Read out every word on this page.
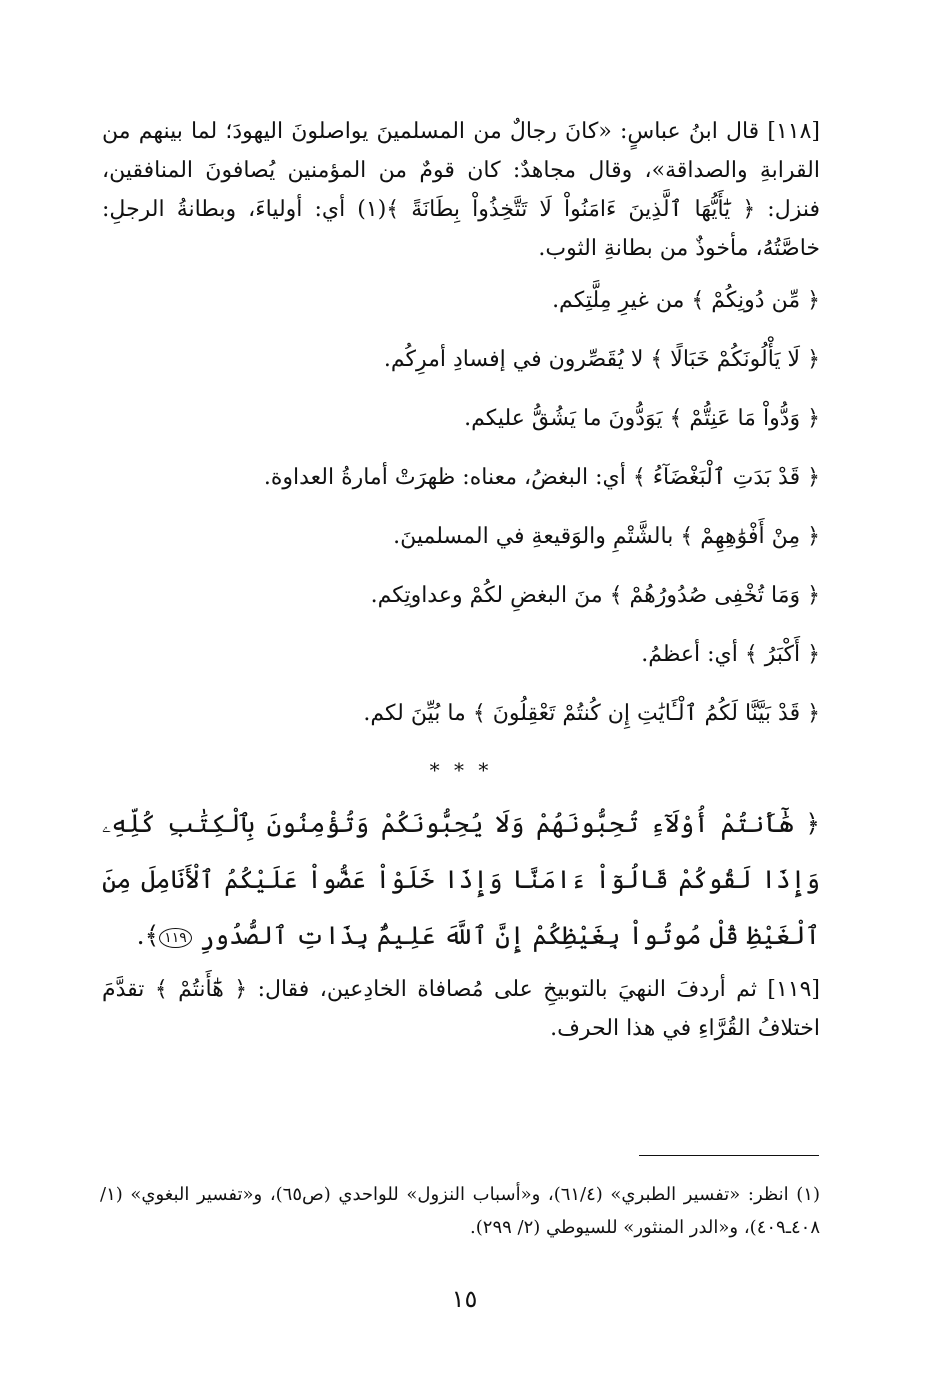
[١١٨] قال ابنُ عباسٍ: «كانَ رجالٌ من المسلمينَ يواصلونَ اليهودَ؛ لما بينهم من القرابةِ والصداقة»، وقال مجاهدٌ: كان قومٌ من المؤمنين يُصافونَ المنافقين، فنزل: ﴿ يَٰٓأَيُّهَا ٱلَّذِينَ ءَامَنُواْ لَا تَتَّخِذُواْ بِطَانَةً ﴾(١) أي: أولياءَ، وبطانةُ الرجلِ: خاصَّتُهُ، مأخوذٌ من بطانةِ الثوب.

﴿ مِّن دُونِكُمْ ﴾ من غيرِ مِلَّتِكم.
﴿ لَا يَأْلُونَكُمْ خَبَالًا ﴾ لا يُقَصِّرون في إفسادِ أمرِكُم.
﴿ وَدُّواْ مَا عَنِتُّمْ ﴾ يَوَدُّونَ ما يَشُقُّ عليكم.
﴿ قَدْ بَدَتِ ٱلْبَغْضَآءُ ﴾ أي: البغضُ، معناه: ظهرَتْ أمارةُ العداوة.
﴿ مِنْ أَفْوَٰهِهِمْ ﴾ بالشَّتْمِ والوَقيعةِ في المسلمينَ.
﴿ وَمَا تُخْفِى صُدُورُهُمْ ﴾ منَ البغضِ لكُمْ وعداوتِكم.
﴿ أَكْبَرُ ﴾ أي: أعظمُ.
﴿ قَدْ بَيَّنَّا لَكُمُ ٱلْـَٔايَٰتِ إِن كُنتُمْ تَعْقِلُونَ ﴾ ما بُيِّنَ لكم.
* * *

﴿ هَٰٓأَنتُمْ أُوْلَآءِ تُحِبُّونَهُمْ وَلَا يُحِبُّونَكُمْ وَتُؤْمِنُونَ بِٱلْكِتَٰبِ كُلِّهِۦ وَإِذَا لَقُوكُمْ قَالُوٓاْ ءَامَنَّا وَإِذَا خَلَوْاْ عَضُّواْ عَلَيْكُمُ ٱلْأَنَامِلَ مِنَ ٱلْغَيْظِ قُلْ مُوتُواْ بِغَيْظِكُمْ إِنَّ ٱللَّهَ عَلِيمٌۢ بِذَاتِ ٱلصُّدُورِ ١١٩﴾.

[١١٩] ثم أردفَ النهيَ بالتوبيخِ على مُصافاة الخادِعين، فقال: ﴿ هَٰٓأَنتُمْ ﴾ تقدَّمَ اختلافُ القُرَّاءِ في هذا الحرف.

(١) انظر: «تفسير الطبري» (٦١/٤)، و«أسباب النزول» للواحدي (ص٦٥)، و«تفسير البغوي» (١/ ٤٠٨ـ٤٠٩)، و«الدر المنثور» للسيوطي (٢/ ٢٩٩).
١٥
